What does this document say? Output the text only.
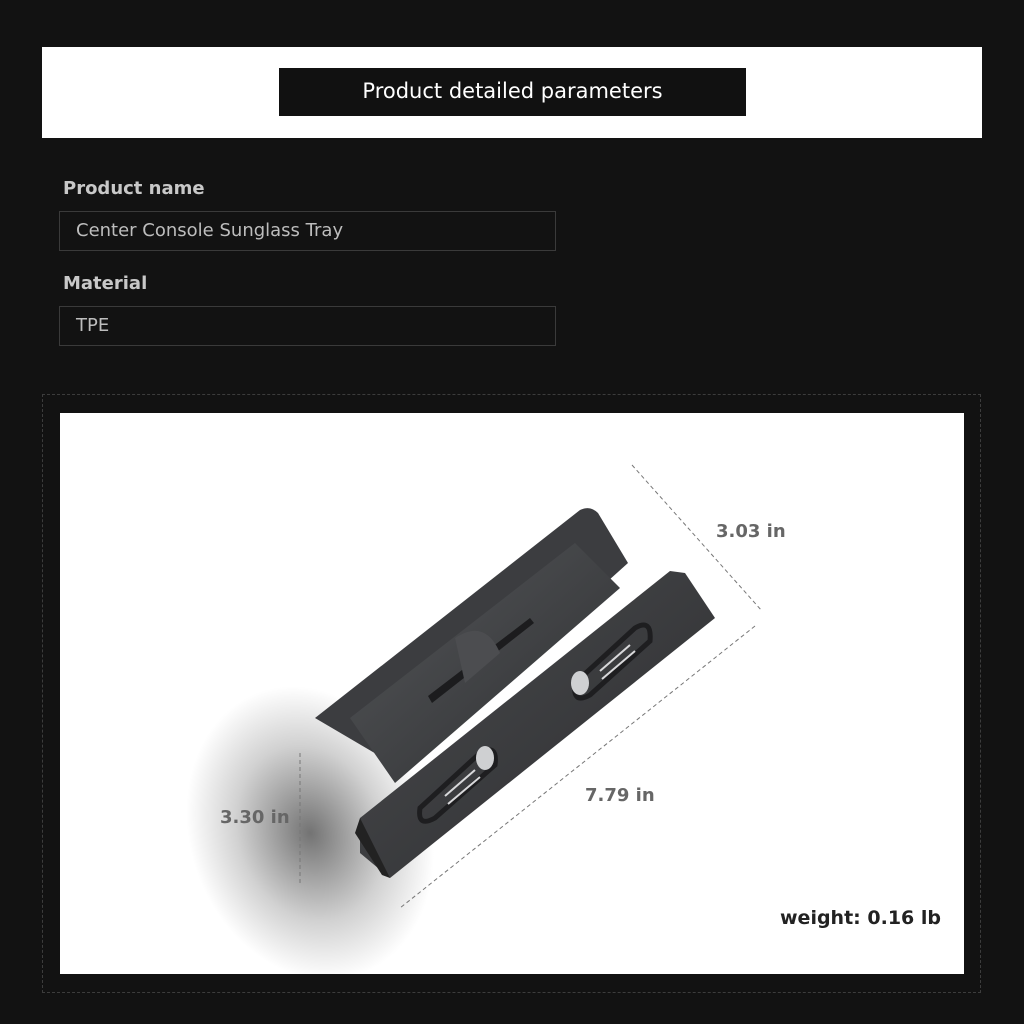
Product detailed parameters
Product name
Center Console Sunglass Tray
Material
TPE
3.03 in
7.79 in
3.30 in
weight: 0.16 lb
